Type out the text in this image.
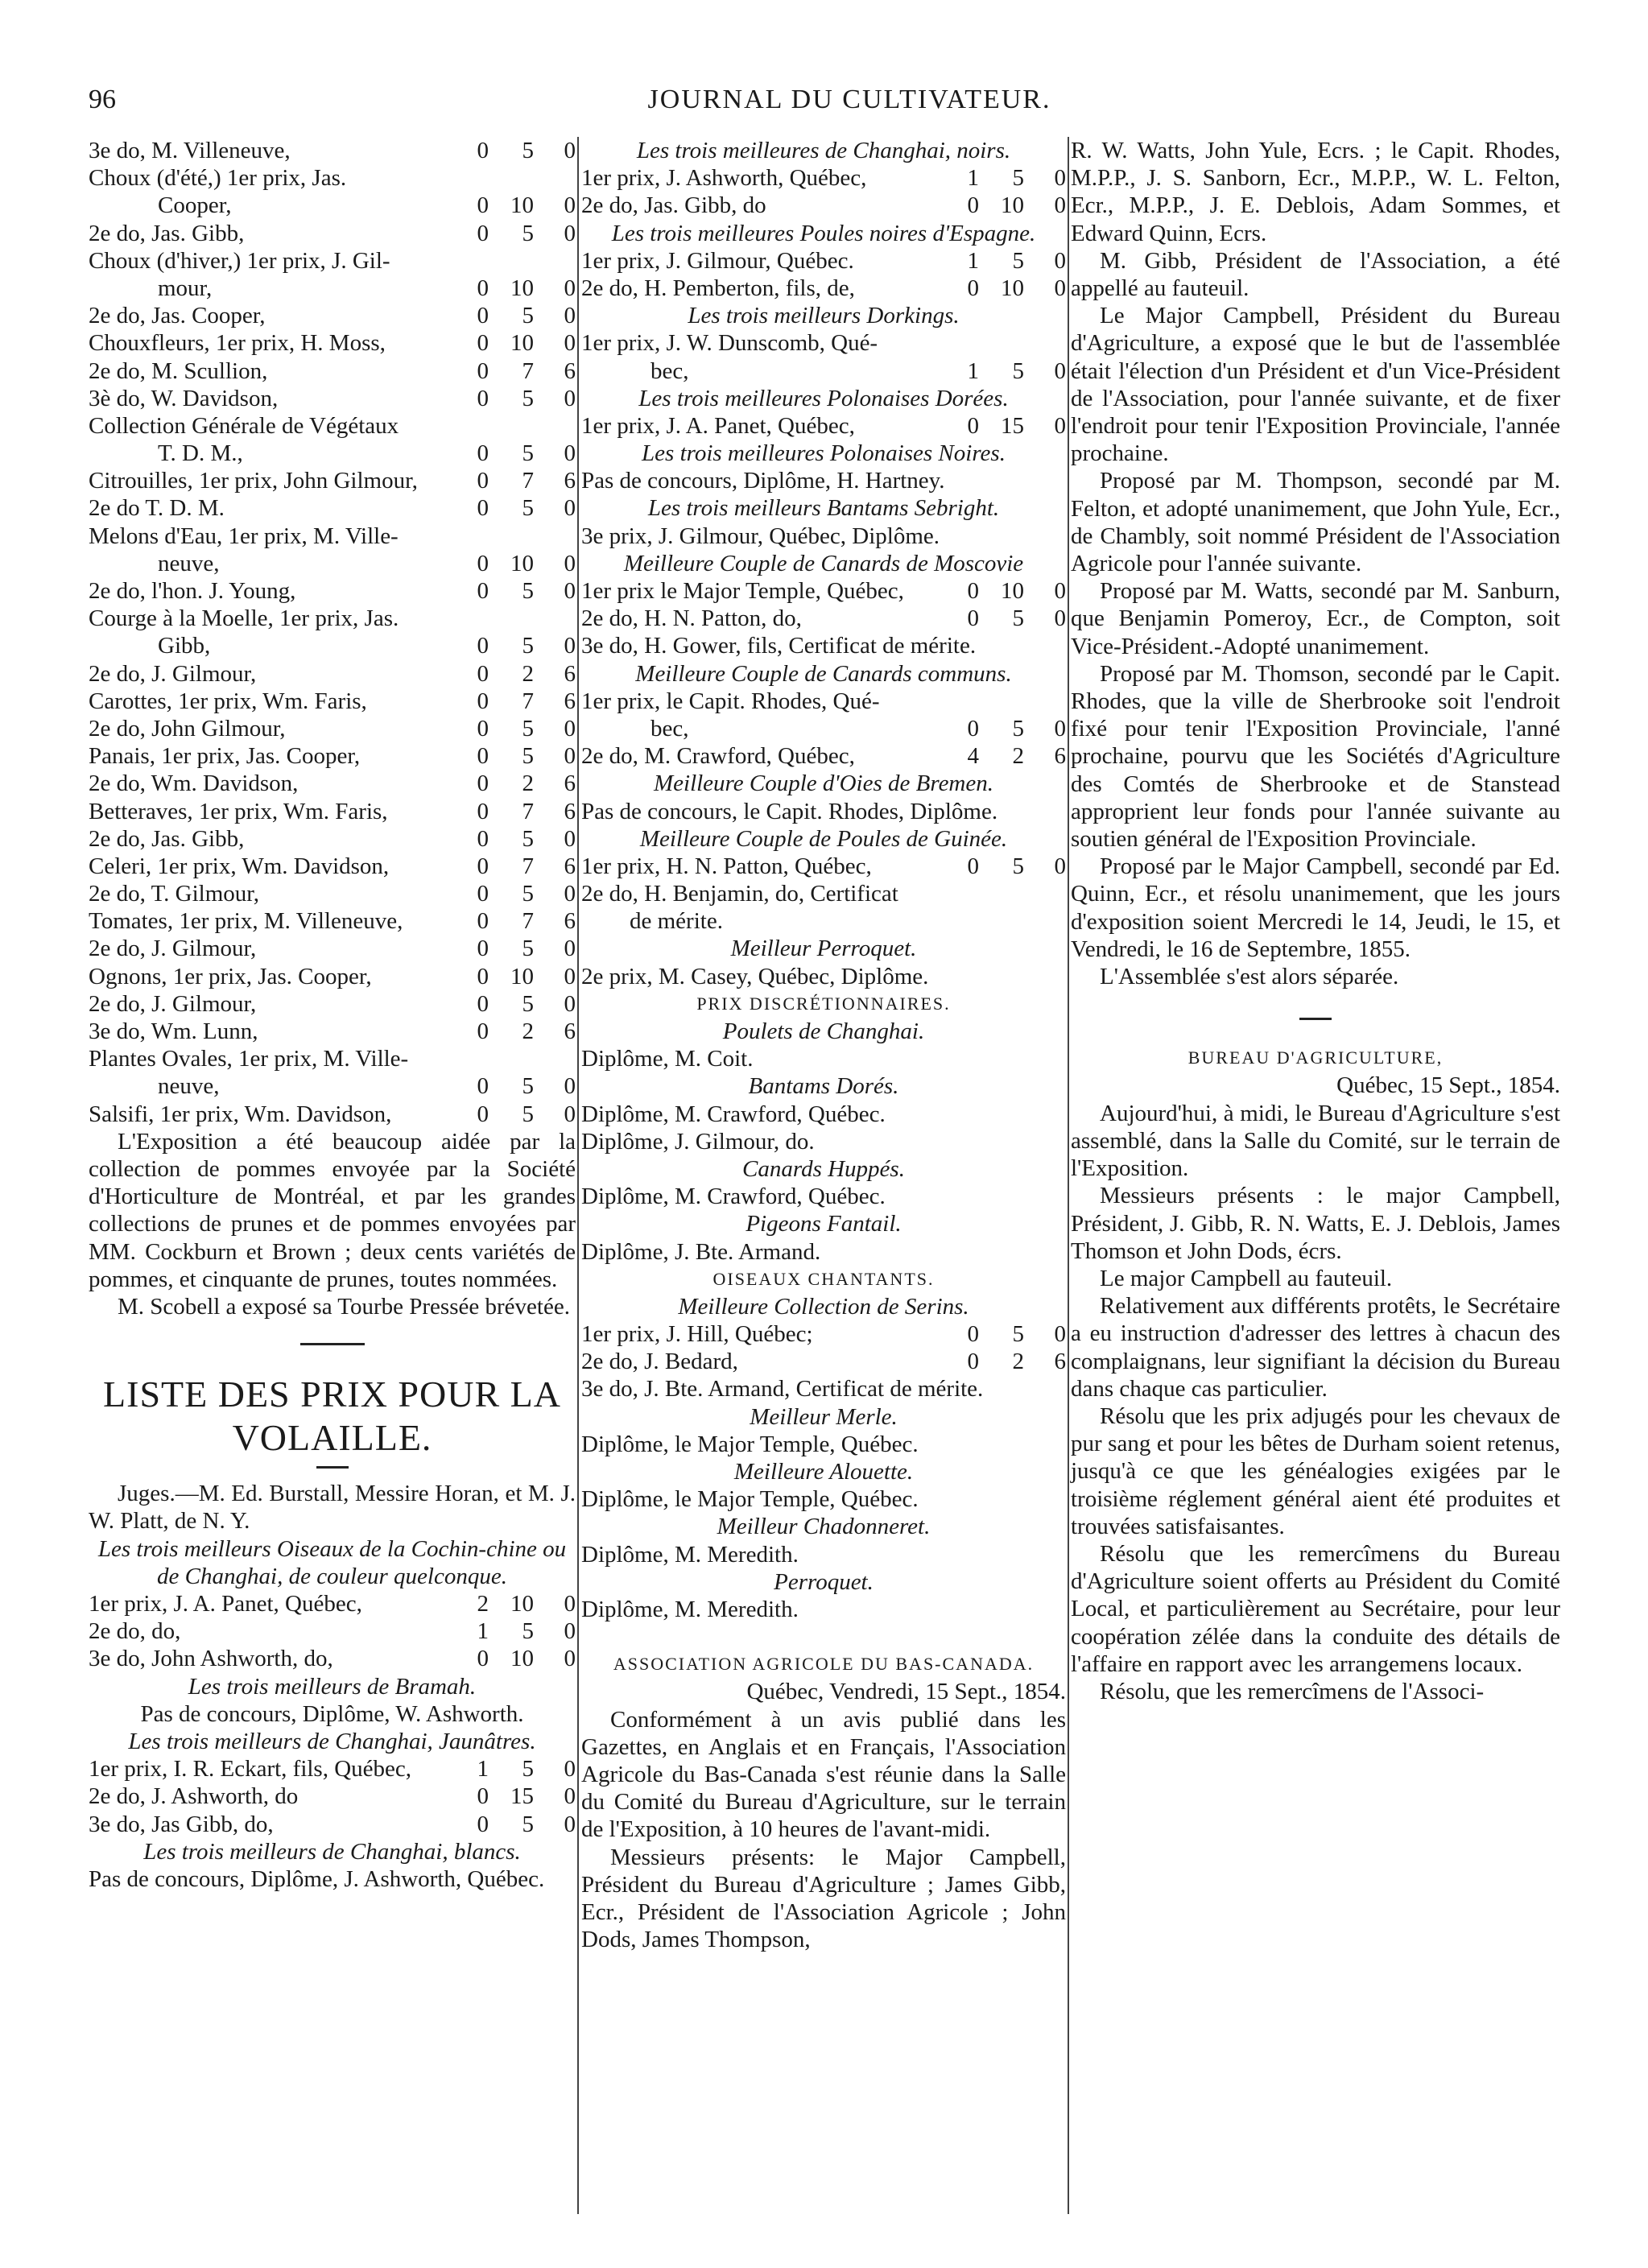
96	JOURNAL DU CULTIVATEUR.
3e do, M. Villeneuve,	0	5	0
Choux (d'été,) 1er prix, Jas.
Cooper,	0 10	0
2e do, Jas. Gibb,	0	5	0
Choux (d'hiver,) 1er prix, J. Gil-
mour,	0 10	0
2e do, Jas. Cooper,	0	5	0
Chouxfleurs, 1er prix, H. Moss,	0 10	0
2e do, M. Scullion,	0	7	6
3è do, W. Davidson,	0	5	0
Collection Générale de Végétaux
T. D. M.,	0	5	0
Citrouilles, 1er prix, John Gilmour,	0	7	6
2e do T. D. M.	0	5	0
Melons d'Eau, 1er prix, M. Ville-
neuve,	0 10	0
2e do, l'hon. J. Young,	0	5	0
Courge à la Moelle, 1er prix, Jas.
Gibb,	0	5	0
2e do, J. Gilmour,	0	2	6
Carottes, 1er prix, Wm. Faris,	0	7	6
2e do, John Gilmour,	0	5	0
Panais, 1er prix, Jas. Cooper,	0	5	0
2e do, Wm. Davidson,	0	2	6
Betteraves, 1er prix, Wm. Faris,	0	7	6
2e do, Jas. Gibb,	0	5	0
Celeri, 1er prix, Wm. Davidson,	0	7	6
2e do, T. Gilmour,	0	5	0
Tomates, 1er prix, M. Villeneuve,	0	7	6
2e do, J. Gilmour,	0	5	0
Ognons, 1er prix, Jas. Cooper,	0 10	0
2e do, J. Gilmour,	0	5	0
3e do, Wm. Lunn,	0	2	6
Plantes Ovales, 1er prix, M. Ville-
neuve,	0	5	0
Salsifi, 1er prix, Wm. Davidson,	0	5	0

L'Exposition a été beaucoup aidée par la collection de pommes envoyée par la Société d'Horticulture de Montréal, et par les grandes collections de prunes et de pommes envoyées par MM. Cockburn et Brown ; deux cents variétés de pommes, et cinquante de prunes, toutes nommées.

M. Scobell a exposé sa Tourbe Pressée brévetée.

LISTE DES PRIX POUR LA VOLAILLE.

Juges.—M. Ed. Burstall, Messire Horan, et M. J. W. Platt, de N. Y.

Les trois meilleurs Oiseaux de la Cochin-chine ou de Changhai, de couleur quelconque.

1er prix, J. A. Panet, Québec,	2 10	0
2e do, do,	1	5	0
3e do, John Ashworth, do,	0 10	0
Les trois meilleurs de Bramah.
Pas de concours, Diplôme, W. Ashworth.

Les trois meilleurs de Changhai, Jaunâtres.

1er prix, I. R. Eckart, fils, Québec,	1	5	0
2e do, J. Ashworth, do	0 15	0
3e do, Jas Gibb, do,	0	5	0
Les trois meilleurs de Changhai, blancs.

Pas de concours, Diplôme, J. Ashworth, Québec.

Les trois meilleures de Changhai, noirs.
1er prix, J. Ashworth, Québec,	1	5	0
2e do, Jas. Gibb, do	0 10	0

Les trois meilleures Poules noires d'Espagne.

1er prix, J. Gilmour, Québec.	1	5	0
2e do, H. Pemberton, fils, de,	0 10	0
Les trois meilleurs Dorkings.
1er prix, J. W. Dunscomb, Qué-
bec,	1	5	0
Les trois meilleures Polonaises Dorées.
1er prix, J. A. Panet, Québec,	0 15	0
Les trois meilleures Polonaises Noires.
Pas de concours, Diplôme, H. Hartney.
Les trois meilleurs Bantams Sebright.
3e prix, J. Gilmour, Québec, Diplôme.
Meilleure Couple de Canards de Moscovie
1er prix le Major Temple, Québec,	0 10	0
2e do, H. N. Patton, do,	0	5	0
3e do, H. Gower, fils, Certificat de mérite.
Meilleure Couple de Canards communs.
1er prix, le Capit. Rhodes, Qué-
bec,	0	5	0
2e do, M. Crawford, Québec,	4	2	6
Meilleure Couple d'Oies de Bremen.
Pas de concours, le Capit. Rhodes, Diplôme.
Meilleure Couple de Poules de Guinée.
1er prix, H. N. Patton, Québec,	0	5	0
2e do, H. Benjamin, do, Certificat
de mérite.
Meilleur Perroquet.
2e prix, M. Casey, Québec, Diplôme.
PRIX DISCRÉTIONNAIRES.
Poulets de Changhai.
Diplôme, M. Coit.
Bantams Dorés.
Diplôme, M. Crawford, Québec.
Diplôme, J. Gilmour, do.
Canards Huppés.
Diplôme, M. Crawford, Québec.
Pigeons Fantail.
Diplôme, J. Bte. Armand.
OISEAUX CHANTANTS.
Meilleure Collection de Serins.
1er prix, J. Hill, Québec;	0	5	0
2e do, J. Bedard,	0	2	6
3e do, J. Bte. Armand, Certificat de mérite.
Meilleur Merle.
Diplôme, le Major Temple, Québec.
Meilleure Alouette.
Diplôme, le Major Temple, Québec.
Meilleur Chadonneret.
Diplôme, M. Meredith.
Perroquet.
Diplôme, M. Meredith.
ASSOCIATION AGRICOLE DU BAS-CANADA.
Québec, Vendredi, 15 Sept., 1854.

Conformément à un avis publié dans les Gazettes, en Anglais et en Français, l'Association Agricole du Bas-Canada s'est réunie dans la Salle du Comité du Bureau d'Agriculture, sur le terrain de l'Exposition, à 10 heures de l'avant-midi.

Messieurs présents: le Major Campbell, Président du Bureau d'Agriculture ; James Gibb, Ecr., Président de l'Association Agricole ; John Dods, James Thompson,

R. W. Watts, John Yule, Ecrs. ; le Capit. Rhodes, M.P.P., J. S. Sanborn, Ecr., M.P.P., W. L. Felton, Ecr., M.P.P., J. E. Deblois, Adam Sommes, et Edward Quinn, Ecrs.

M. Gibb, Président de l'Association, a été appellé au fauteuil.

Le Major Campbell, Président du Bureau d'Agriculture, a exposé que le but de l'assemblée était l'élection d'un Président et d'un Vice-Président de l'Association, pour l'année suivante, et de fixer l'endroit pour tenir l'Exposition Provinciale, l'année prochaine.

Proposé par M. Thompson, secondé par M. Felton, et adopté unanimement, que John Yule, Ecr., de Chambly, soit nommé Président de l'Association Agricole pour l'année suivante.

Proposé par M. Watts, secondé par M. Sanburn, que Benjamin Pomeroy, Ecr., de Compton, soit Vice-Président.-Adopté unanimement.

Proposé par M. Thomson, secondé par le Capit. Rhodes, que la ville de Sherbrooke soit l'endroit fixé pour tenir l'Exposition Provinciale, l'anné prochaine, pourvu que les Sociétés d'Agriculture des Comtés de Sherbrooke et de Stanstead approprient leur fonds pour l'année suivante au soutien général de l'Exposition Provinciale.

Proposé par le Major Campbell, secondé par Ed. Quinn, Ecr., et résolu unanimement, que les jours d'exposition soient Mercredi le 14, Jeudi, le 15, et Vendredi, le 16 de Septembre, 1855.

L'Assemblée s'est alors séparée.

BUREAU D'AGRICULTURE,
Québec, 15 Sept., 1854.

Aujourd'hui, à midi, le Bureau d'Agriculture s'est assemblé, dans la Salle du Comité, sur le terrain de l'Exposition.

Messieurs présents : le major Campbell, Président, J. Gibb, R. N. Watts, E. J. Deblois, James Thomson et John Dods, écrs.

Le major Campbell au fauteuil.

Relativement aux différents protêts, le Secrétaire a eu instruction d'adresser des lettres à chacun des complaignans, leur signifiant la décision du Bureau dans chaque cas particulier.

Résolu que les prix adjugés pour les chevaux de pur sang et pour les bêtes de Durham soient retenus, jusqu'à ce que les généalogies exigées par le troisième réglement général aient été produites et trouvées satisfaisantes.

Résolu que les remercîmens du Bureau d'Agriculture soient offerts au Président du Comité Local, et particulièrement au Secrétaire, pour leur coopération zélée dans la conduite des détails de l'affaire en rapport avec les arrangemens locaux.

Résolu, que les remercîmens de l'Associ-
